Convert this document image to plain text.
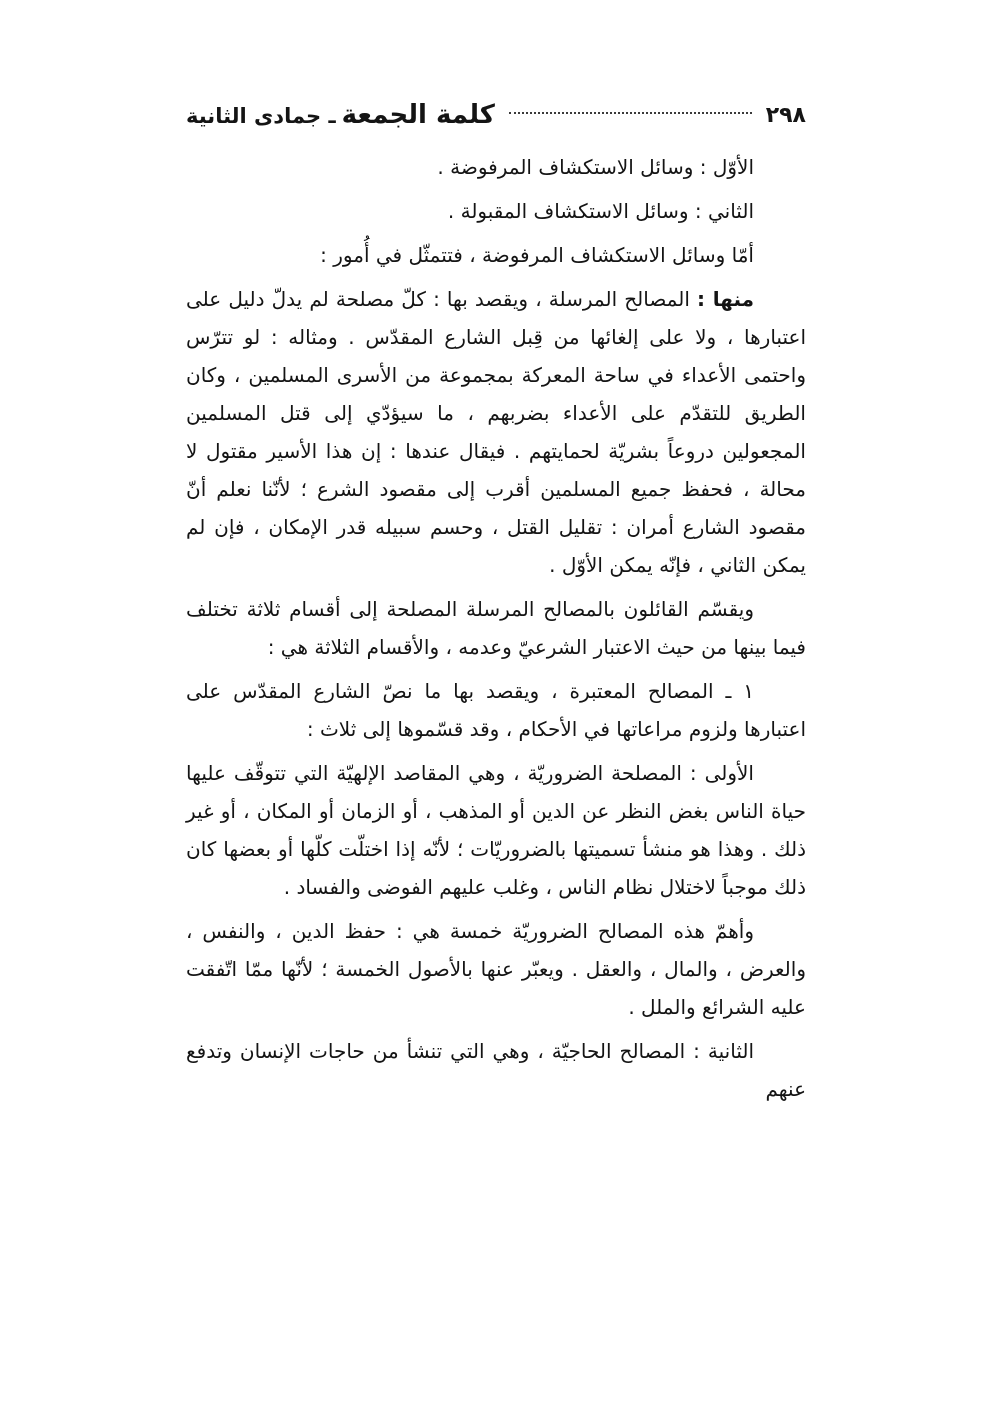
٢٩٨
كلمة الجمعة
ـ جمادى الثانية

الأوّل : وسائل الاستكشاف المرفوضة .

الثاني : وسائل الاستكشاف المقبولة .

أمّا وسائل الاستكشاف المرفوضة ، فتتمثّل في أُمور :

منها : المصالح المرسلة ، ويقصد بها : كلّ مصلحة لم يدلّ دليل على اعتبارها ، ولا على إلغائها من قِبل الشارع المقدّس . ومثاله : لو تترّس واحتمى الأعداء في ساحة المعركة بمجموعة من الأسرى المسلمين ، وكان الطريق للتقدّم على الأعداء بضربهم ، ما سيؤدّي إلى قتل المسلمين المجعولين دروعاً بشريّة لحمايتهم . فيقال عندها : إن هذا الأسير مقتول لا محالة ، فحفظ جميع المسلمين أقرب إلى مقصود الشرع ؛ لأنّنا نعلم أنّ مقصود الشارع أمران : تقليل القتل ، وحسم سبيله قدر الإمكان ، فإن لم يمكن الثاني ، فإنّه يمكن الأوّل .

ويقسّم القائلون بالمصالح المرسلة المصلحة إلى أقسام ثلاثة تختلف فيما بينها من حيث الاعتبار الشرعيّ وعدمه ، والأقسام الثلاثة هي :

١ ـ المصالح المعتبرة ، ويقصد بها ما نصّ الشارع المقدّس على اعتبارها ولزوم مراعاتها في الأحكام ، وقد قسّموها إلى ثلاث :

الأولى : المصلحة الضروريّة ، وهي المقاصد الإلهيّة التي تتوقّف عليها حياة الناس بغض النظر عن الدين أو المذهب ، أو الزمان أو المكان ، أو غير ذلك . وهذا هو منشأ تسميتها بالضروريّات ؛ لأنّه إذا اختلّت كلّها أو بعضها كان ذلك موجباً لاختلال نظام الناس ، وغلب عليهم الفوضى والفساد .

وأهمّ هذه المصالح الضروريّة خمسة هي : حفظ الدين ، والنفس ، والعرض ، والمال ، والعقل . ويعبّر عنها بالأصول الخمسة ؛ لأنّها ممّا اتّفقت عليه الشرائع والملل .

الثانية : المصالح الحاجيّة ، وهي التي تنشأ من حاجات الإنسان وتدفع عنهم
